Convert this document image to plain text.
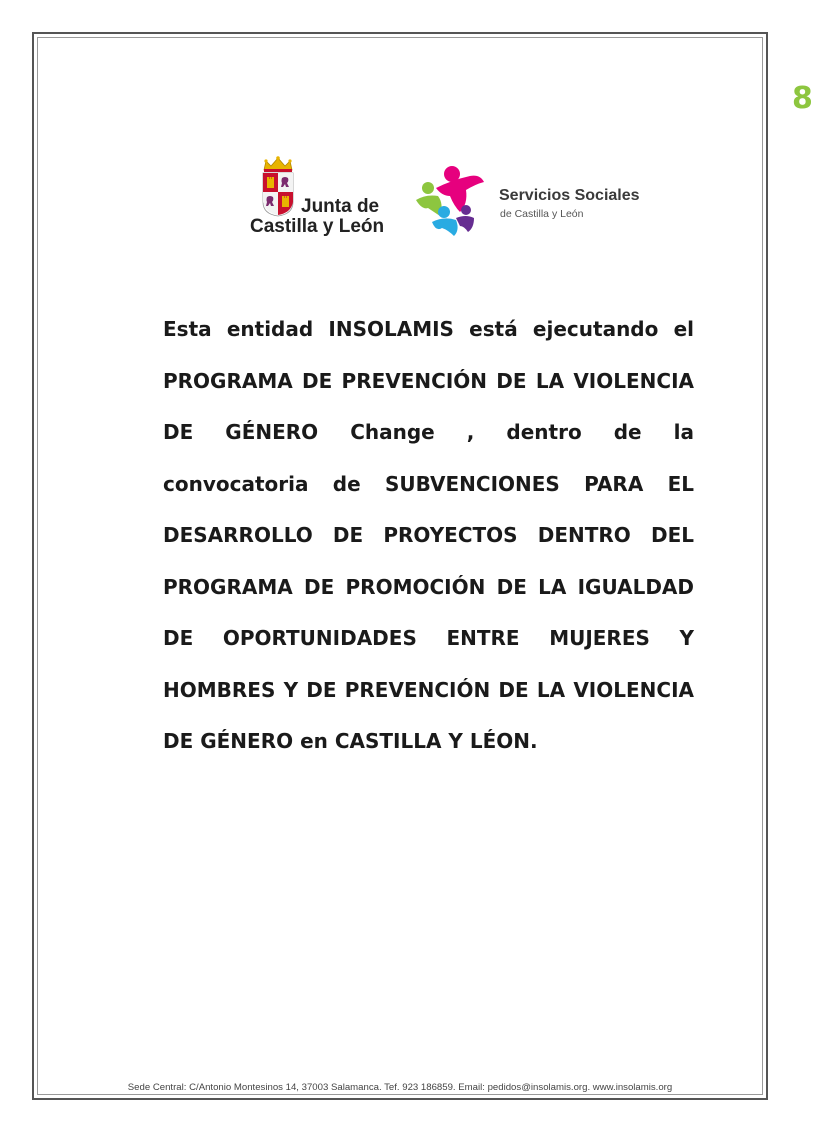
8
Junta de
Castilla y León
Servicios Sociales
de Castilla y León

Esta entidad INSOLAMIS está ejecutando el PROGRAMA DE PREVENCIÓN DE LA VIOLENCIA DE GÉNERO Change , dentro de la convocatoria de SUBVENCIONES PARA EL DESARROLLO DE PROYECTOS DENTRO DEL PROGRAMA DE PROMOCIÓN DE LA IGUALDAD DE OPORTUNIDADES ENTRE MUJERES Y HOMBRES Y DE PREVENCIÓN DE LA VIOLENCIA DE GÉNERO en CASTILLA Y LÉON.

Sede Central: C/Antonio Montesinos 14, 37003 Salamanca. Tef. 923 186859. Email: pedidos@insolamis.org. www.insolamis.org
